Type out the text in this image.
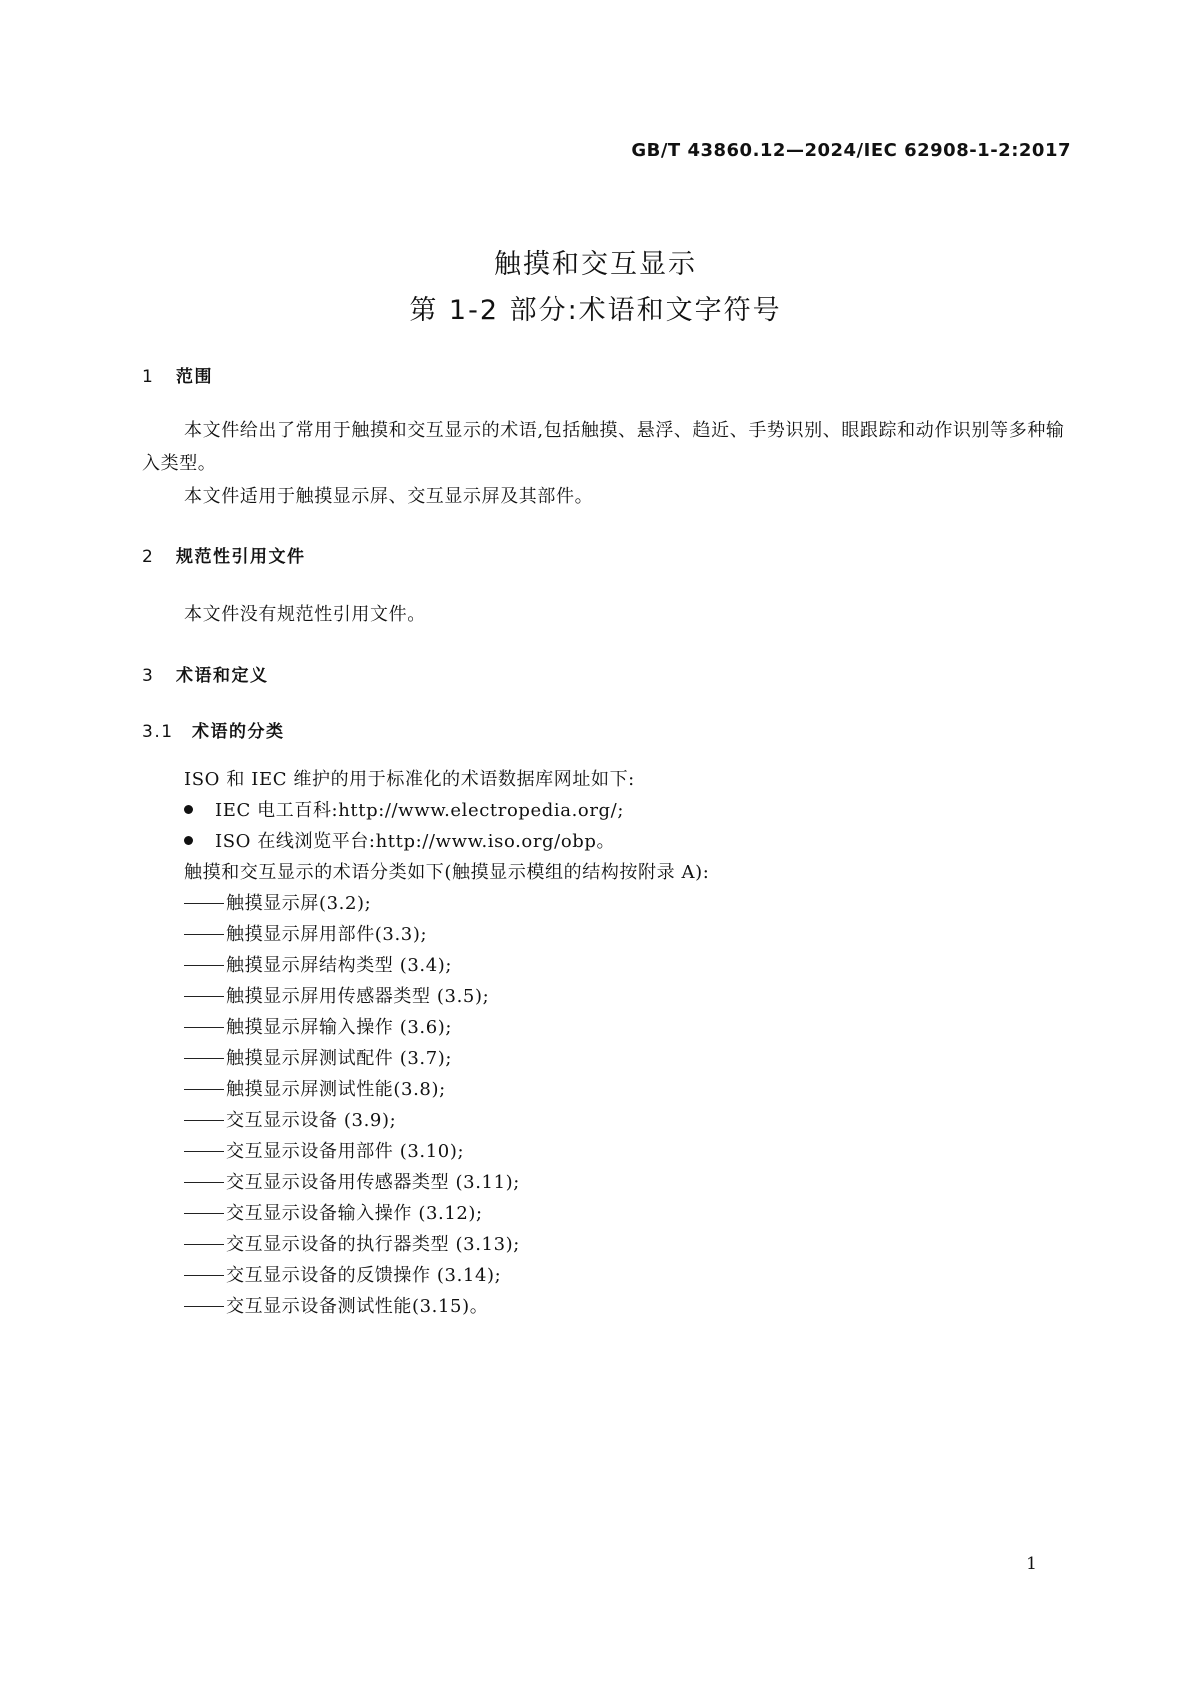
GB/T 43860.12—2024/IEC 62908-1-2:2017
触摸和交互显示
第 1-2 部分:术语和文字符号
1 范围
本文件给出了常用于触摸和交互显示的术语,包括触摸、悬浮、趋近、手势识别、眼跟踪和动作识别等多种输入类型。
本文件适用于触摸显示屏、交互显示屏及其部件。
2 规范性引用文件
本文件没有规范性引用文件。
3 术语和定义
3.1 术语的分类
ISO 和 IEC 维护的用于标准化的术语数据库网址如下:
IEC 电工百科:http://www.electropedia.org/;
ISO 在线浏览平台:http://www.iso.org/obp。
触摸和交互显示的术语分类如下(触摸显示模组的结构按附录 A):
触摸显示屏(3.2);
触摸显示屏用部件(3.3);
触摸显示屏结构类型 (3.4);
触摸显示屏用传感器类型 (3.5);
触摸显示屏输入操作 (3.6);
触摸显示屏测试配件 (3.7);
触摸显示屏测试性能(3.8);
交互显示设备 (3.9);
交互显示设备用部件 (3.10);
交互显示设备用传感器类型 (3.11);
交互显示设备输入操作 (3.12);
交互显示设备的执行器类型 (3.13);
交互显示设备的反馈操作 (3.14);
交互显示设备测试性能(3.15)。
1
